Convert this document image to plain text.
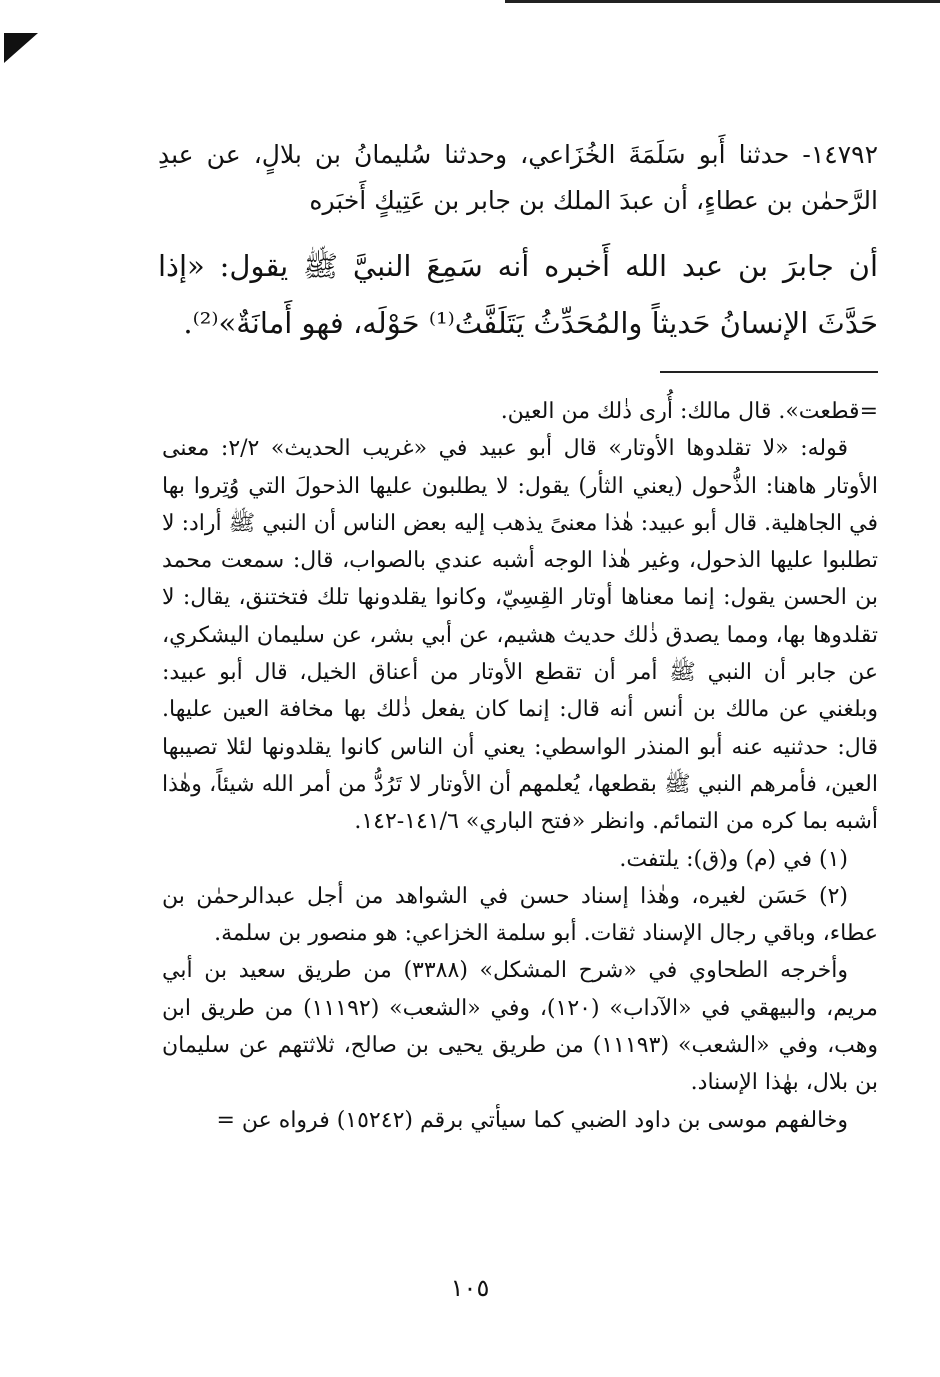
١٤٧٩٢- حدثنا أَبو سَلَمَةَ الخُزَاعي، وحدثنا سُليمانُ بن بلالٍ، عن عبدِ الرَّحمٰن بن عطاءٍ، أن عبدَ الملك بن جابر بن عَتِيكٍ أَخبَره

أن جابرَ بن عبد الله أَخبره أنه سَمِعَ النبيَّ ﷺ يقول: «إذا حَدَّثَ الإنسانُ حَديثاً والمُحَدِّثُ يَتَلَفَّتُ⁽¹⁾ حَوْلَه، فهو أَمانَةٌ»⁽²⁾.

=قطعت». قال مالك: أُرى ذٰلك من العين.

قوله: «لا تقلدوها الأوتار» قال أبو عبيد في «غريب الحديث» ٢/٢: معنى الأوتار هاهنا: الذُّحول (يعني الثأر) يقول: لا يطلبون عليها الذحولَ التي وُتِروا بها في الجاهلية. قال أبو عبيد: هٰذا معنىً يذهب إليه بعض الناس أن النبي ﷺ أراد: لا تطلبوا عليها الذحول، وغير هٰذا الوجه أشبه عندي بالصواب، قال: سمعت محمد بن الحسن يقول: إنما معناها أوتار القِسِيّ، وكانوا يقلدونها تلك فتختنق، يقال: لا تقلدوها بها، ومما يصدق ذٰلك حديث هشيم، عن أبي بشر، عن سليمان اليشكري، عن جابر أن النبي ﷺ أمر أن تقطع الأوتار من أعناق الخيل، قال أبو عبيد: وبلغني عن مالك بن أنس أنه قال: إنما كان يفعل ذٰلك بها مخافة العين عليها. قال: حدثنيه عنه أبو المنذر الواسطي: يعني أن الناس كانوا يقلدونها لئلا تصيبها العين، فأمرهم النبي ﷺ بقطعها، يُعلمهم أن الأوتار لا تَرُدُّ من أمر الله شيئاً، وهٰذا أشبه بما كره من التمائم. وانظر «فتح الباري» ١٤١/٦-١٤٢.

(١) في (م) و(ق): يلتفت.

(٢) حَسَن لغيره، وهٰذا إسناد حسن في الشواهد من أجل عبدالرحمٰن بن عطاء، وباقي رجال الإسناد ثقات. أبو سلمة الخزاعي: هو منصور بن سلمة.

وأخرجه الطحاوي في «شرح المشكل» (٣٣٨٨) من طريق سعيد بن أبي مريم، والبيهقي في «الآداب» (١٢٠)، وفي «الشعب» (١١١٩٢) من طريق ابن وهب، وفي «الشعب» (١١١٩٣) من طريق يحيى بن صالح، ثلاثتهم عن سليمان بن بلال، بهٰذا الإسناد.

وخالفهم موسى بن داود الضبي كما سيأتي برقم (١٥٢٤٢) فرواه عن =

١٠٥
